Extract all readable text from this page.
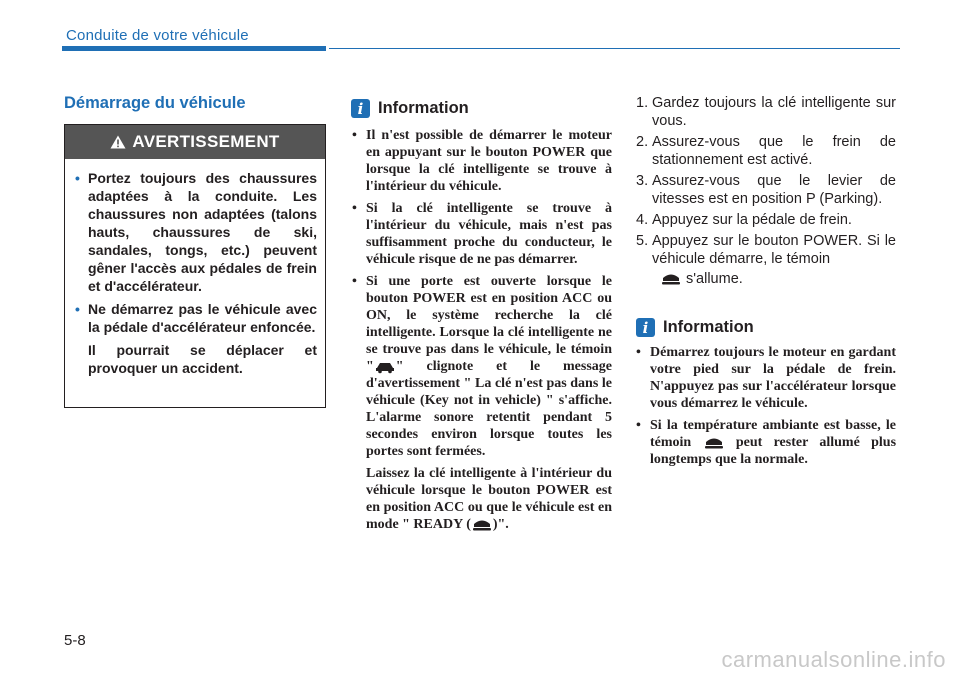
Conduite de votre véhicule
Démarrage du véhicule
AVERTISSEMENT
• Portez toujours des chaussures adaptées à la conduite. Les chaussures non adaptées (talons hauts, chaussures de ski, sandales, tongs, etc.) peuvent gêner l'accès aux pédales de frein et d'accélérateur.
• Ne démarrez pas le véhicule avec la pédale d'accélérateur enfoncée.
Il pourrait se déplacer et provoquer un accident.
i Information
• Il n'est possible de démarrer le moteur en appuyant sur le bouton POWER que lorsque la clé intelligente se trouve à l'intérieur du véhicule.
• Si la clé intelligente se trouve à l'intérieur du véhicule, mais n'est pas suffisamment proche du conducteur, le véhicule risque de ne pas démarrer.
• Si une porte est ouverte lorsque le bouton POWER est en position ACC ou ON, le système recherche la clé intelligente. Lorsque la clé intelligente ne se trouve pas dans le véhicule, le témoin " " clignote et le message d'avertissement " La clé n'est pas dans le véhicule (Key not in vehicle) " s'affiche. L'alarme sonore retentit pendant 5 secondes environ lorsque toutes les portes sont fermées.
Laissez la clé intelligente à l'intérieur du véhicule lorsque le bouton POWER est en position ACC ou que le véhicule est en mode " READY ( )".
1. Gardez toujours la clé intelligente sur vous.
2. Assurez-vous que le frein de stationnement est activé.
3. Assurez-vous que le levier de vitesses est en position P (Parking).
4. Appuyez sur la pédale de frein.
5. Appuyez sur le bouton POWER. Si le véhicule démarre, le témoin
s'allume.
i Information
• Démarrez toujours le moteur en gardant votre pied sur la pédale de frein. N'appuyez pas sur l'accélérateur lorsque vous démarrez le véhicule.
• Si la température ambiante est basse, le témoin	peut rester allumé plus longtemps que la normale.
5-8
carmanualsonline.info
